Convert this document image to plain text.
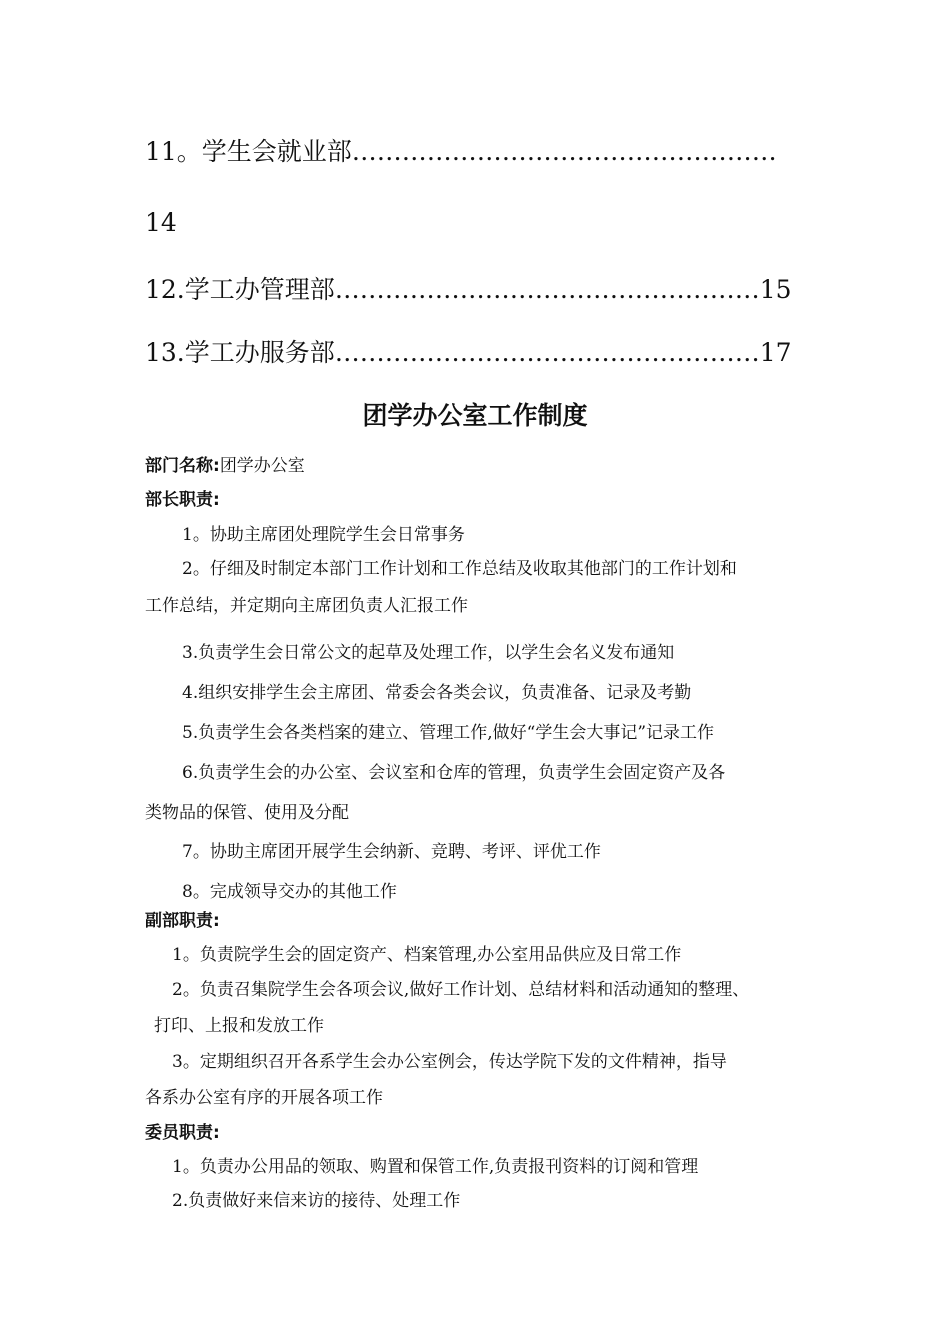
11。学生会就业部……………………………………………
14
12.学工办管理部……………………………………………15
13.学工办服务部……………………………………………17
团学办公室工作制度
部门名称:团学办公室
部长职责:
1。协助主席团处理院学生会日常事务
2。仔细及时制定本部门工作计划和工作总结及收取其他部门的工作计划和
工作总结，并定期向主席团负责人汇报工作
3.负责学生会日常公文的起草及处理工作，以学生会名义发布通知
4.组织安排学生会主席团、常委会各类会议，负责准备、记录及考勤
5.负责学生会各类档案的建立、管理工作,做好“学生会大事记”记录工作
6.负责学生会的办公室、会议室和仓库的管理，负责学生会固定资产及各
类物品的保管、使用及分配
7。协助主席团开展学生会纳新、竞聘、考评、评优工作
8。完成领导交办的其他工作
副部职责:
1。负责院学生会的固定资产、档案管理,办公室用品供应及日常工作
2。负责召集院学生会各项会议,做好工作计划、总结材料和活动通知的整理、
打印、上报和发放工作
3。定期组织召开各系学生会办公室例会，传达学院下发的文件精神，指导
各系办公室有序的开展各项工作
委员职责:
1。负责办公用品的领取、购置和保管工作,负责报刊资料的订阅和管理
2.负责做好来信来访的接待、处理工作
